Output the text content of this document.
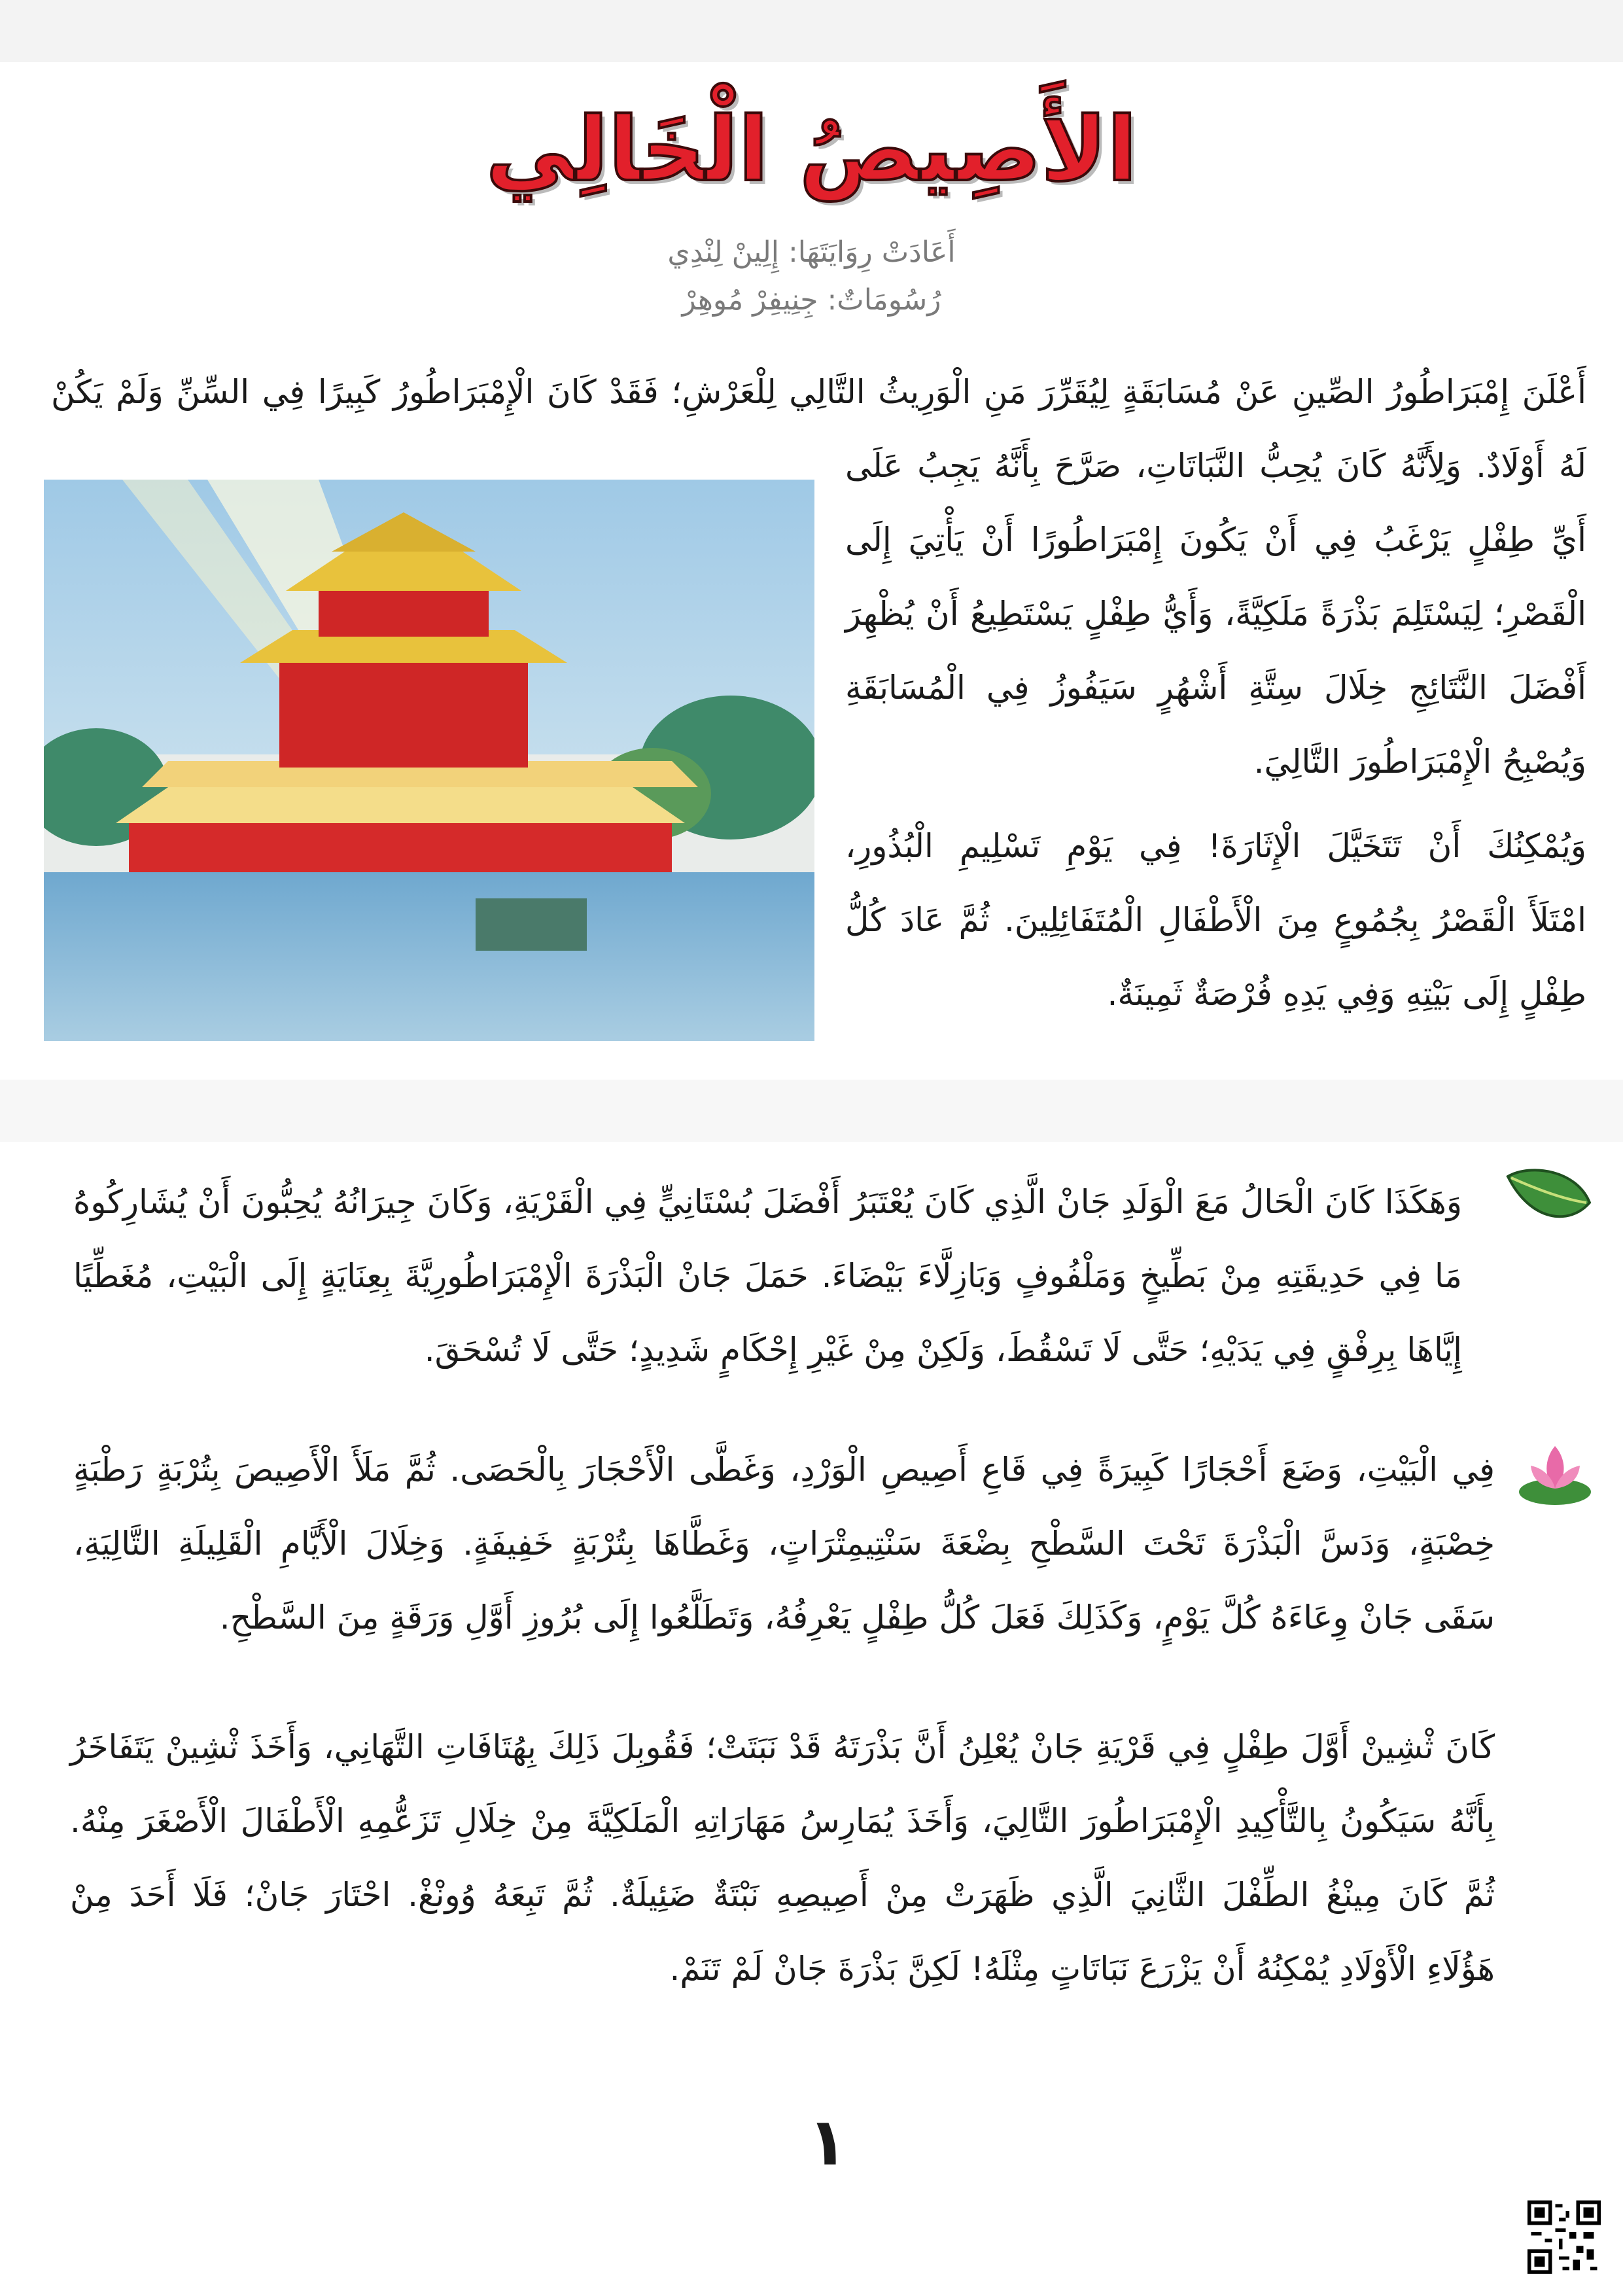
الأَصِيصُ الْخَالِي
أَعَادَتْ رِوَايَتَهَا: إِلِينْ لِنْدِي
رُسُومَاتٌ: جِنِيفِرْ مُوهِرْ
أَعْلَنَ إِمْبَرَاطُورُ الصِّينِ عَنْ مُسَابَقَةٍ لِيُقَرِّرَ مَنِ الْوَرِيثُ التَّالِي لِلْعَرْشِ؛ فَقَدْ كَانَ الْإِمْبَرَاطُورُ كَبِيرًا فِي السِّنِّ وَلَمْ يَكُنْ
لَهُ أَوْلَادٌ. وَلِأَنَّهُ كَانَ يُحِبُّ النَّبَاتَاتِ، صَرَّحَ بِأَنَّهُ يَجِبُ عَلَى
أَيِّ طِفْلٍ يَرْغَبُ فِي أَنْ يَكُونَ إِمْبَرَاطُورًا أَنْ يَأْتِيَ إِلَى
الْقَصْرِ؛ لِيَسْتَلِمَ بَذْرَةً مَلَكِيَّةً، وَأَيُّ طِفْلٍ يَسْتَطِيعُ أَنْ يُظْهِرَ
أَفْضَلَ النَّتَائِجِ خِلَالَ سِتَّةِ أَشْهُرٍ سَيَفُوزُ فِي الْمُسَابَقَةِ
وَيُصْبِحُ الْإِمْبَرَاطُورَ التَّالِيَ.
وَيُمْكِنُكَ أَنْ تَتَخَيَّلَ الْإِثَارَةَ! فِي يَوْمِ تَسْلِيمِ الْبُذُورِ،
امْتَلَأَ الْقَصْرُ بِجُمُوعٍ مِنَ الْأَطْفَالِ الْمُتَفَائِلِينَ. ثُمَّ عَادَ كُلُّ
طِفْلٍ إِلَى بَيْتِهِ وَفِي يَدِهِ فُرْصَةٌ ثَمِينَةٌ.
وَهَكَذَا كَانَ الْحَالُ مَعَ الْوَلَدِ جَانْ الَّذِي كَانَ يُعْتَبَرُ أَفْضَلَ بُسْتَانِيٍّ فِي الْقَرْيَةِ، وَكَانَ جِيرَانُهُ يُحِبُّونَ أَنْ يُشَارِكُوهُ
مَا فِي حَدِيقَتِهِ مِنْ بَطِّيخٍ وَمَلْفُوفٍ وَبَازِلَّاءَ بَيْضَاءَ. حَمَلَ جَانْ الْبَذْرَةَ الْإِمْبَرَاطُورِيَّةَ بِعِنَايَةٍ إِلَى الْبَيْتِ، مُغَطِّيًا
إِيَّاهَا بِرِفْقٍ فِي يَدَيْهِ؛ حَتَّى لَا تَسْقُطَ، وَلَكِنْ مِنْ غَيْرِ إِحْكَامٍ شَدِيدٍ؛ حَتَّى لَا تُسْحَقَ.
فِي الْبَيْتِ، وَضَعَ أَحْجَارًا كَبِيرَةً فِي قَاعِ أَصِيصِ الْوَرْدِ، وَغَطَّى الْأَحْجَارَ بِالْحَصَى. ثُمَّ مَلَأَ الْأَصِيصَ بِتُرْبَةٍ رَطْبَةٍ
خِصْبَةٍ، وَدَسَّ الْبَذْرَةَ تَحْتَ السَّطْحِ بِضْعَةَ سَنْتِيمِتْرَاتٍ، وَغَطَّاهَا بِتُرْبَةٍ خَفِيفَةٍ. وَخِلَالَ الْأَيَّامِ الْقَلِيلَةِ التَّالِيَةِ،
سَقَى جَانْ وِعَاءَهُ كُلَّ يَوْمٍ، وَكَذَلِكَ فَعَلَ كُلُّ طِفْلٍ يَعْرِفُهُ، وَتَطَلَّعُوا إِلَى بُرُوزِ أَوَّلِ وَرَقَةٍ مِنَ السَّطْحِ.
كَانَ ثْشِينْ أَوَّلَ طِفْلٍ فِي قَرْيَةِ جَانْ يُعْلِنُ أَنَّ بَذْرَتَهُ قَدْ نَبَتَتْ؛ فَقُوبِلَ ذَلِكَ بِهُتَافَاتِ التَّهَانِي، وَأَخَذَ ثْشِينْ يَتَفَاخَرُ
بِأَنَّهُ سَيَكُونُ بِالتَّأْكِيدِ الْإِمْبَرَاطُورَ التَّالِيَ، وَأَخَذَ يُمَارِسُ مَهَارَاتِهِ الْمَلَكِيَّةَ مِنْ خِلَالِ تَزَعُّمِهِ الْأَطْفَالَ الْأَصْغَرَ مِنْهُ.
ثُمَّ كَانَ مِينْغُ الطِّفْلَ الثَّانِيَ الَّذِي ظَهَرَتْ مِنْ أَصِيصِهِ نَبْتَةٌ ضَئِيلَةٌ. ثُمَّ تَبِعَهُ وُونْغْ. احْتَارَ جَانْ؛ فَلَا أَحَدَ مِنْ
هَؤُلَاءِ الْأَوْلَادِ يُمْكِنُهُ أَنْ يَزْرَعَ نَبَاتَاتٍ مِثْلَهُ! لَكِنَّ بَذْرَةَ جَانْ لَمْ تَنَمْ.
١
